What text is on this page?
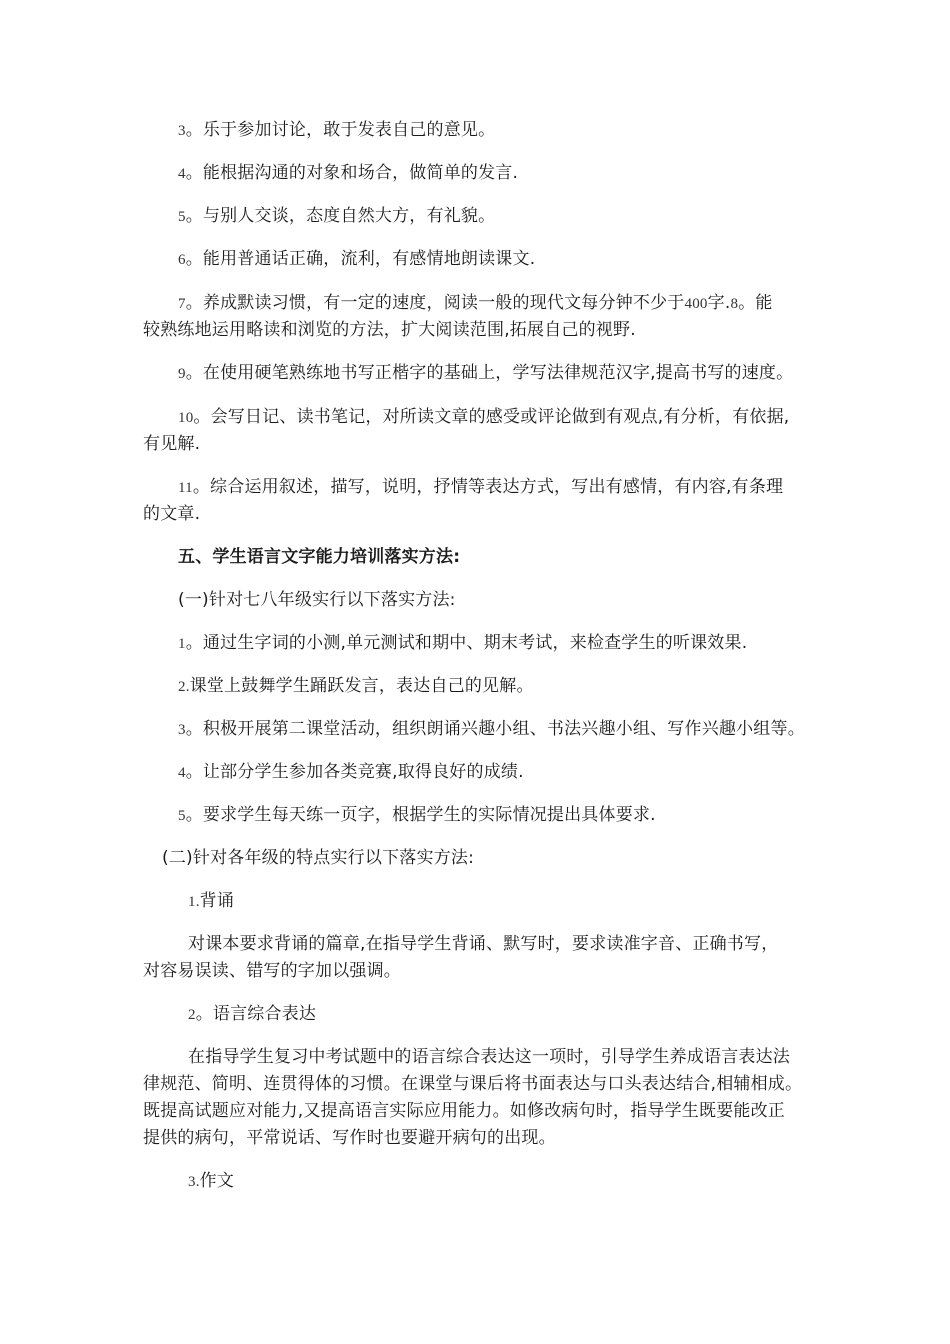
3。乐于参加讨论，敢于发表自己的意见。
4。能根据沟通的对象和场合，做简单的发言.
5。与别人交谈，态度自然大方，有礼貌。
6。能用普通话正确，流利，有感情地朗读课文.
7。养成默读习惯，有一定的速度，阅读一般的现代文每分钟不少于400字.8。能
较熟练地运用略读和浏览的方法，扩大阅读范围,拓展自己的视野.
9。在使用硬笔熟练地书写正楷字的基础上，学写法律规范汉字,提高书写的速度。
10。会写日记、读书笔记，对所读文章的感受或评论做到有观点,有分析，有依据,
有见解.
11。综合运用叙述，描写，说明，抒情等表达方式，写出有感情，有内容,有条理
的文章.
五、学生语言文字能力培训落实方法:
(一)针对七八年级实行以下落实方法:
1。通过生字词的小测,单元测试和期中、期末考试，来检查学生的听课效果.
2.课堂上鼓舞学生踊跃发言，表达自己的见解。
3。积极开展第二课堂活动，组织朗诵兴趣小组、书法兴趣小组、写作兴趣小组等。
4。让部分学生参加各类竞赛,取得良好的成绩.
5。要求学生每天练一页字，根据学生的实际情况提出具体要求.
(二)针对各年级的特点实行以下落实方法:
1.背诵
对课本要求背诵的篇章,在指导学生背诵、默写时，要求读准字音、正确书写，
对容易误读、错写的字加以强调。
2。语言综合表达
在指导学生复习中考试题中的语言综合表达这一项时，引导学生养成语言表达法
律规范、简明、连贯得体的习惯。在课堂与课后将书面表达与口头表达结合,相辅相成。
既提高试题应对能力,又提高语言实际应用能力。如修改病句时，指导学生既要能改正
提供的病句，平常说话、写作时也要避开病句的出现。
3.作文
